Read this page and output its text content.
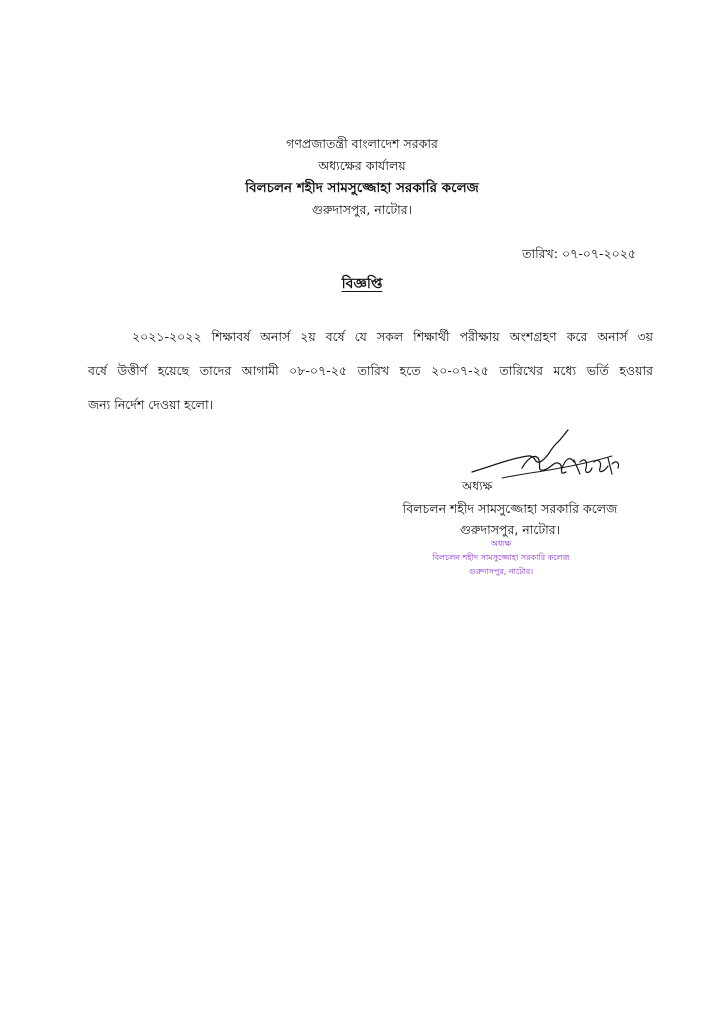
গণপ্রজাতন্ত্রী বাংলাদেশ সরকার
অধ্যক্ষের কার্যালয়
বিলচলন শহীদ সামসুজ্জোহা সরকারি কলেজ
গুরুদাসপুর, নাটোর।
তারিখ: ০৭-০৭-২০২৫
বিজ্ঞপ্তি
২০২১-২০২২ শিক্ষাবর্ষ অনার্স ২য় বর্ষে যে সকল শিক্ষার্থী পরীক্ষায় অংশগ্রহণ করে অনার্স ৩য়
বর্ষে উত্তীর্ণ হয়েছে তাদের আগামী ০৮-০৭-২৫ তারিখ হতে ২০-০৭-২৫ তারিখের মধ্যে ভর্তি হওয়ার
জন্য নির্দেশ দেওয়া হলো।
অধ্যক্ষ
বিলচলন শহীদ সামসুজ্জোহা সরকারি কলেজ
গুরুদাসপুর, নাটোর।
অধ্যক্ষ
বিলচলন শহীদ সামসুজ্জোহা সরকারি কলেজ
গুরুদাসপুর, নাটোর।
